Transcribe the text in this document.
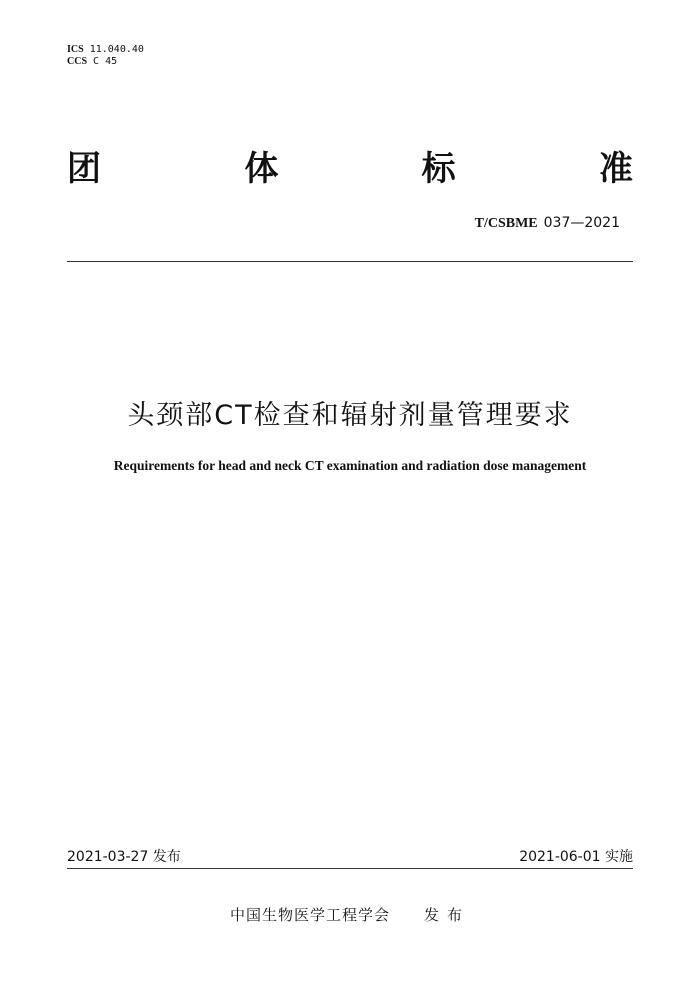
ICS 11.040.40
CCS C 45
团	体	标	准
T/CSBME 037—2021
头颈部CT检查和辐射剂量管理要求
Requirements for head and neck CT examination and radiation dose management
2021-03-27 发布	2021-06-01 实施
中国生物医学工程学会 发布
